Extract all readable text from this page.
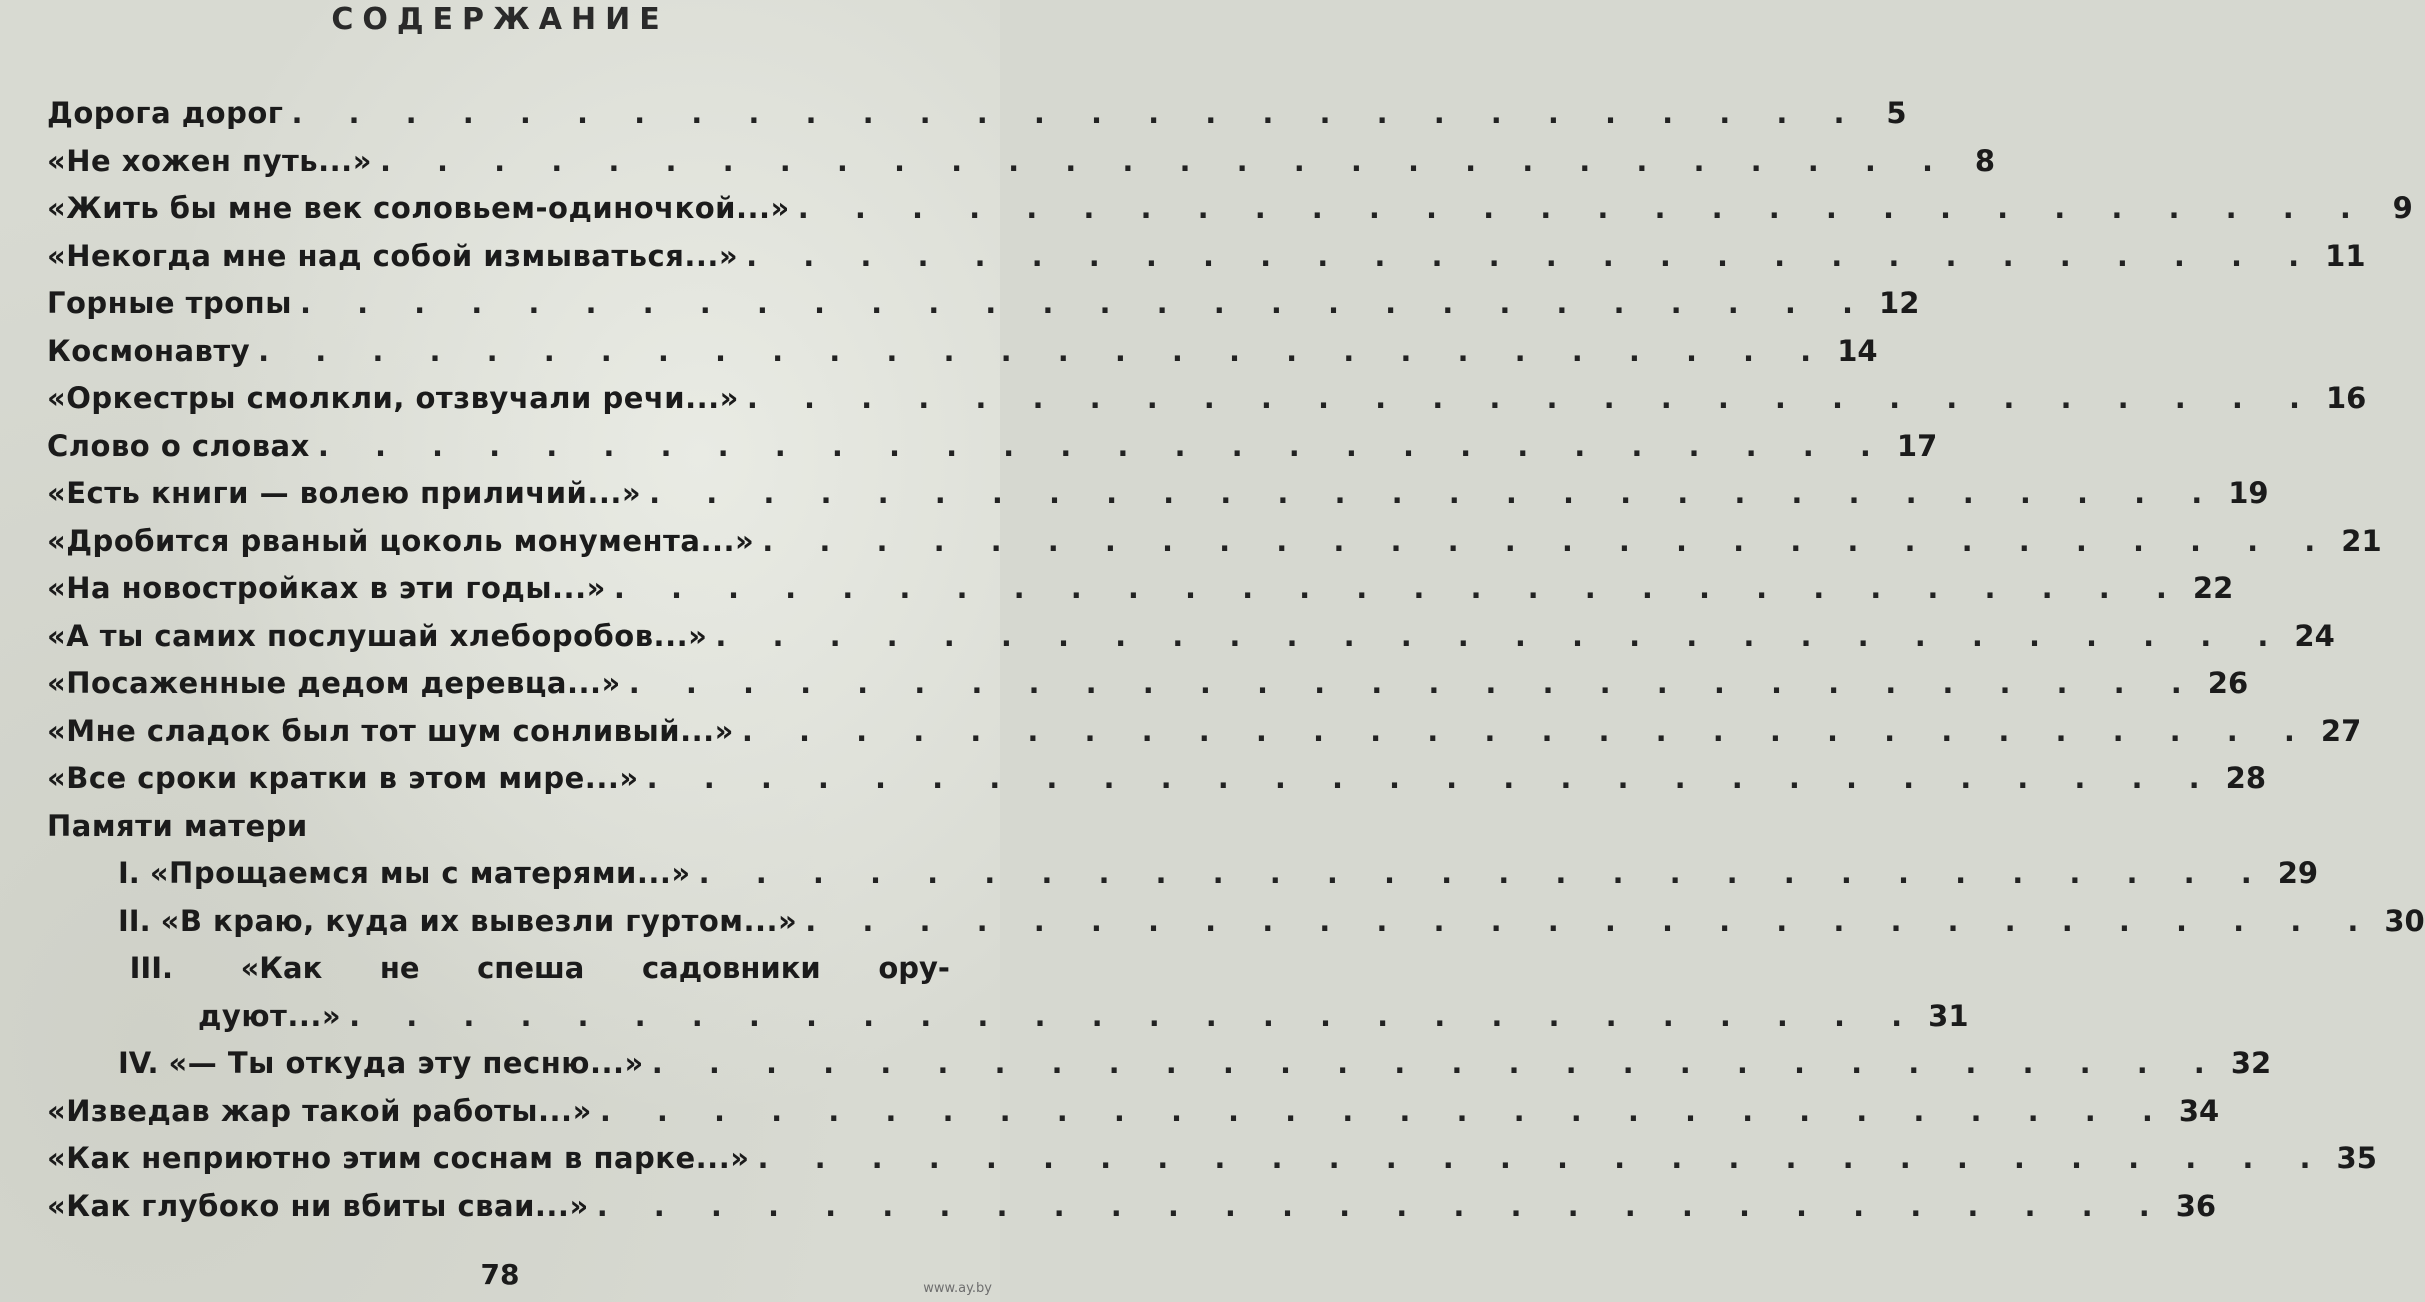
СОДЕРЖАНИЕ
Дорога дорог . . . . . . . . . . . . . . . . . . . . . . . . . . . . 5
«Не хожен путь...» . . . . . . . . . . . . . . . . . . . . . . . . . . . . 8
«Жить бы мне век соловьем-одиночкой...» . . . . . . . . . . . . . . . . . . . . . . . . . . . . 9
«Некогда мне над собой измываться...» . . . . . . . . . . . . . . . . . . . . . . . . . . . . 11
Горные тропы . . . . . . . . . . . . . . . . . . . . . . . . . . . . 12
Космонавту . . . . . . . . . . . . . . . . . . . . . . . . . . . . 14
«Оркестры смолкли, отзвучали речи...» . . . . . . . . . . . . . . . . . . . . . . . . . . . . 16
Слово о словах . . . . . . . . . . . . . . . . . . . . . . . . . . . . 17
«Есть книги — волею приличий...» . . . . . . . . . . . . . . . . . . . . . . . . . . . . 19
«Дробится рваный цоколь монумента...» . . . . . . . . . . . . . . . . . . . . . . . . . . . . 21
«На новостройках в эти годы...» . . . . . . . . . . . . . . . . . . . . . . . . . . . . 22
«А ты самих послушай хлеборобов...» . . . . . . . . . . . . . . . . . . . . . . . . . . . . 24
«Посаженные дедом деревца...» . . . . . . . . . . . . . . . . . . . . . . . . . . . . 26
«Мне сладок был тот шум сонливый...» . . . . . . . . . . . . . . . . . . . . . . . . . . . . 27
«Все сроки кратки в этом мире...» . . . . . . . . . . . . . . . . . . . . . . . . . . . . 28
Памяти матери
I. «Прощаемся мы с матерями...» . . . . . . . . . . . . . . . . . . . . . . . . . . . . 29
II. «В краю, куда их вывезли гуртом...» . . . . . . . . . . . . . . . . . . . . . . . . . . . . 30
III. «Как не спеша садовники ору-
дуют...» . . . . . . . . . . . . . . . . . . . . . . . . . . . . 31
IV. «— Ты откуда эту песню...» . . . . . . . . . . . . . . . . . . . . . . . . . . . . 32
«Изведав жар такой работы...» . . . . . . . . . . . . . . . . . . . . . . . . . . . . 34
«Как неприютно этим соснам в парке...» . . . . . . . . . . . . . . . . . . . . . . . . . . . . 35
«Как глубоко ни вбиты сваи...» . . . . . . . . . . . . . . . . . . . . . . . . . . . . 36
78	www.ay.by
